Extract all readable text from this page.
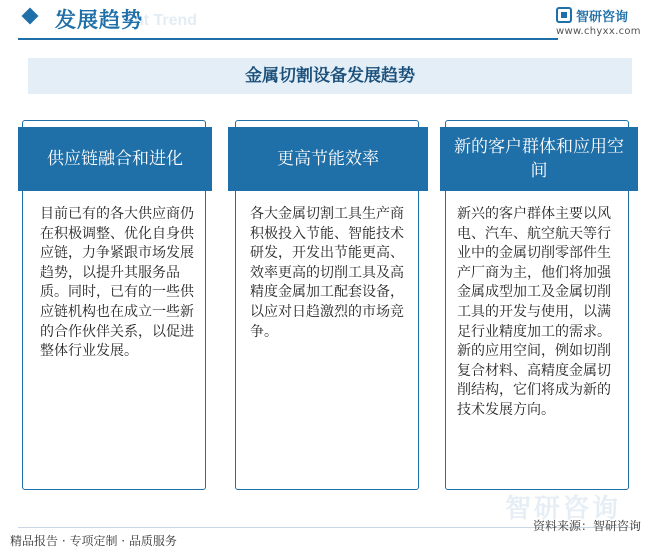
ent Trend
发展趋势	智研咨询
www.chyxx.com
金属切割设备发展趋势
供应链融合和进化
目前已有的各大供应商仍在积极调整、优化自身供应链，力争紧跟市场发展趋势，以提升其服务品质。同时，已有的一些供应链机构也在成立一些新的合作伙伴关系，以促进整体行业发展。
更高节能效率
各大金属切割工具生产商积极投入节能、智能技术研发，开发出节能更高、效率更高的切削工具及高精度金属加工配套设备，以应对日趋激烈的市场竞争。
新的客户群体和应用空间
新兴的客户群体主要以风电、汽车、航空航天等行业中的金属切削零部件生产厂商为主，他们将加强金属成型加工及金属切削工具的开发与使用，以满足行业精度加工的需求。新的应用空间，例如切削复合材料、高精度金属切削结构，它们将成为新的技术发展方向。
智研咨询
精品报告 · 专项定制 · 品质服务
资料来源：智研咨询
